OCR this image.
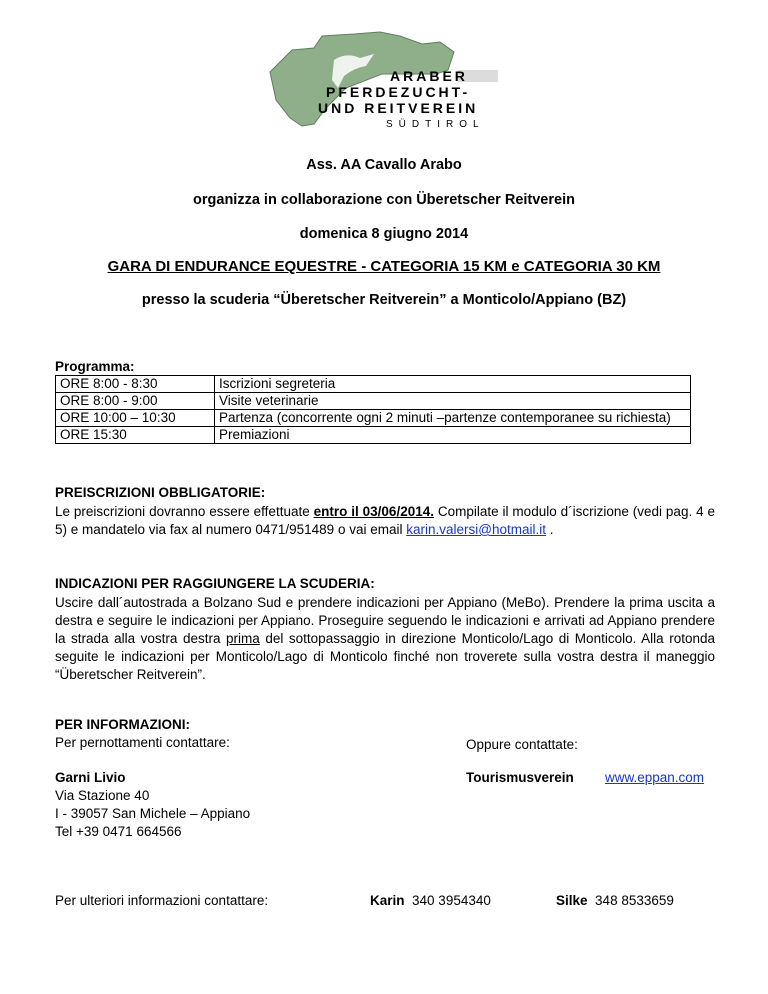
ARABER
PFERDEZUCHT-
UND REITVEREIN
SÜDTIROL
Ass. AA Cavallo Arabo
organizza in collaborazione con Überetscher Reitverein
domenica 8 giugno 2014
GARA DI ENDURANCE EQUESTRE - CATEGORIA 15 KM e CATEGORIA 30 KM
presso la scuderia “Überetscher Reitverein” a Monticolo/Appiano (BZ)
Programma:
ORE 8:00 - 8:30	Iscrizioni segreteria
ORE 8:00 - 9:00	Visite veterinarie
ORE 10:00 – 10:30	Partenza (concorrente ogni 2 minuti –partenze contemporanee su richiesta)
ORE 15:30	Premiazioni
PREISCRIZIONI OBBLIGATORIE:
Le preiscrizioni dovranno essere effettuate entro il 03/06/2014. Compilate il modulo d´iscrizione (vedi pag. 4 e 5) e mandatelo via fax al numero 0471/951489 o vai email karin.valersi@hotmail.it .
INDICAZIONI PER RAGGIUNGERE LA SCUDERIA:
Uscire dall´autostrada a Bolzano Sud e prendere indicazioni per Appiano (MeBo). Prendere la prima uscita a destra e seguire le indicazioni per Appiano. Proseguire seguendo le indicazioni e arrivati ad Appiano prendere la strada alla vostra destra prima del sottopassaggio in direzione Monticolo/Lago di Monticolo. Alla rotonda seguite le indicazioni per Monticolo/Lago di Monticolo finché non troverete sulla vostra destra il maneggio “Überetscher Reitverein”.
PER INFORMAZIONI:
Per pernottamenti contattare:	Oppure contattate:
Garni Livio
Via Stazione 40
I - 39057 San Michele – Appiano
Tel +39 0471 664566
Tourismusverein www.eppan.com
Per ulteriori informazioni contattare:	Karin 340 3954340	Silke 348 8533659
